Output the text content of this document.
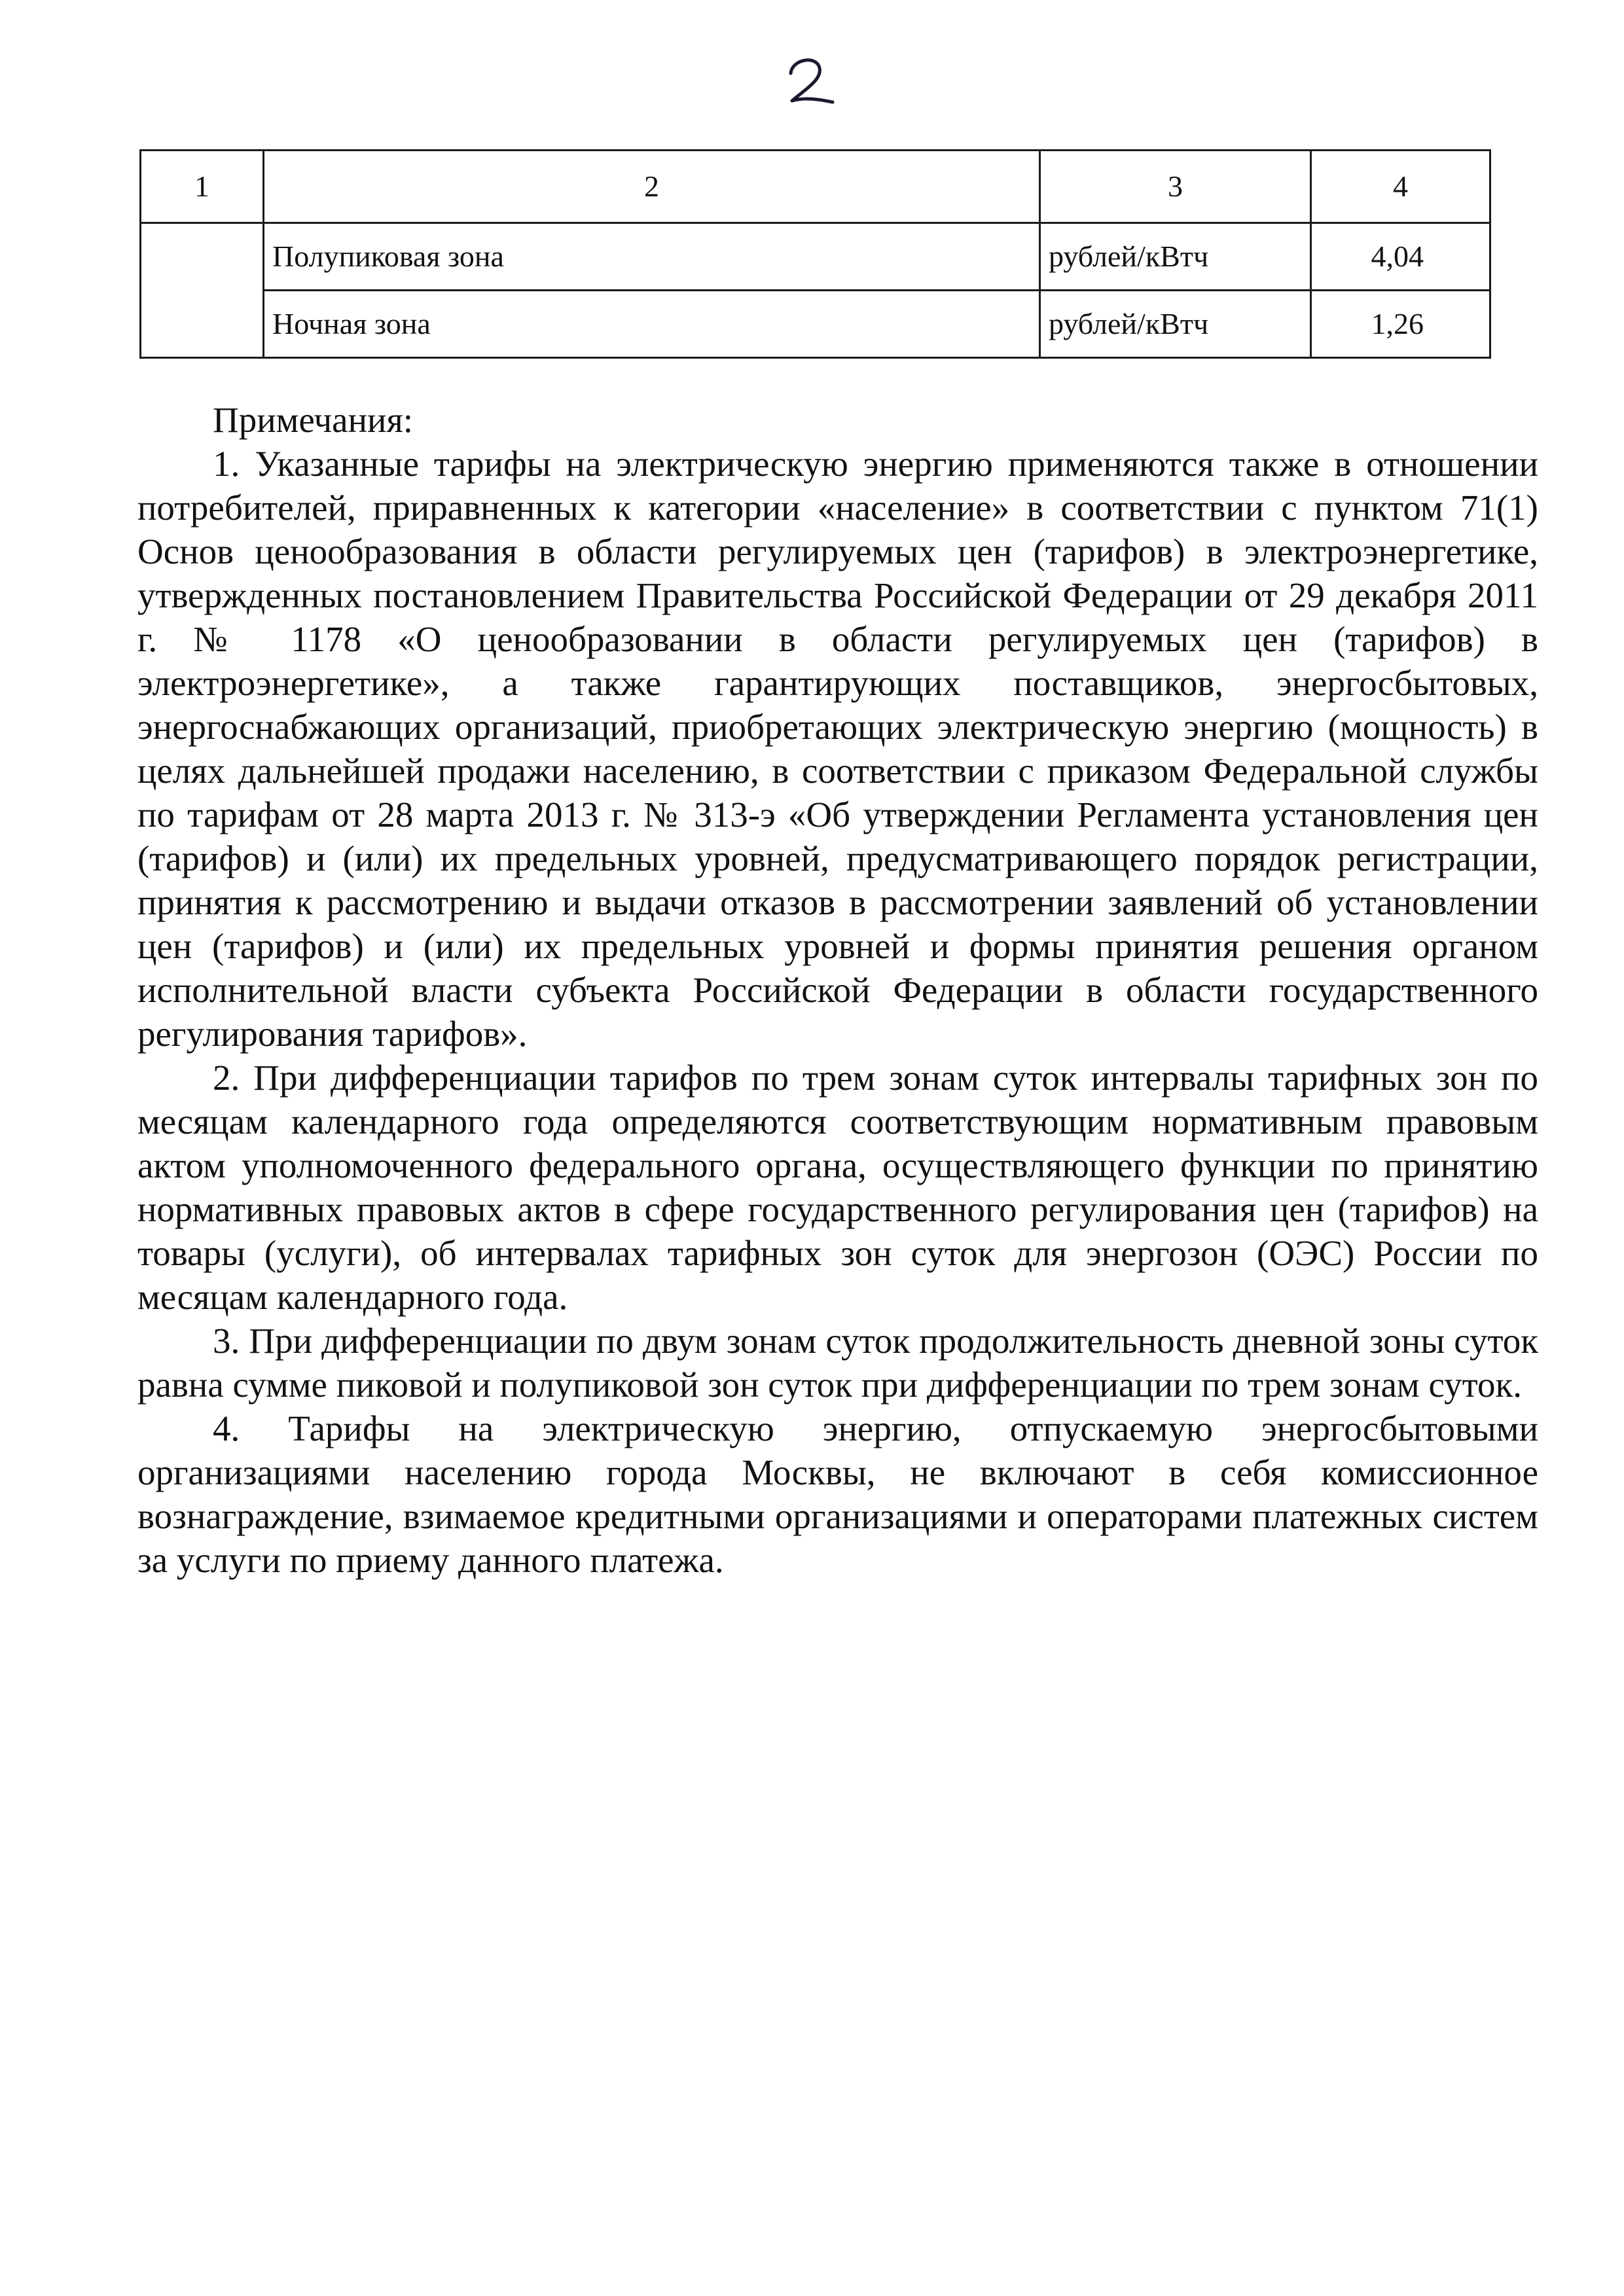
1	2	3	4
	Полупиковая зона	рублей/кВтч	4,04
	Ночная зона	рублей/кВтч	1,26

Примечания:

1. Указанные тарифы на электрическую энергию применяются также в отношении потребителей, приравненных к категории «население» в соответствии с пунктом 71(1) Основ ценообразования в области регулируемых цен (тарифов) в электроэнергетике, утвержденных постановлением Правительства Российской Федерации от 29 декабря 2011 г. № 1178 «О ценообразовании в области регулируемых цен (тарифов) в электроэнергетике», а также гарантирующих поставщиков, энергосбытовых, энергоснабжающих организаций, приобретающих электрическую энергию (мощность) в целях дальнейшей продажи населению, в соответствии с приказом Федеральной службы по тарифам от 28 марта 2013 г. № 313-э «Об утверждении Регламента установления цен (тарифов) и (или) их предельных уровней, предусматривающего порядок регистрации, принятия к рассмотрению и выдачи отказов в рассмотрении заявлений об установлении цен (тарифов) и (или) их предельных уровней и формы принятия решения органом исполнительной власти субъекта Российской Федерации в области государственного регулирования тарифов».

2. При дифференциации тарифов по трем зонам суток интервалы тарифных зон по месяцам календарного года определяются соответствующим нормативным правовым актом уполномоченного федерального органа, осуществляющего функции по принятию нормативных правовых актов в сфере государственного регулирования цен (тарифов) на товары (услуги), об интервалах тарифных зон суток для энергозон (ОЭС) России по месяцам календарного года.

3. При дифференциации по двум зонам суток продолжительность дневной зоны суток равна сумме пиковой и полупиковой зон суток при дифференциации по трем зонам суток.

4. Тарифы на электрическую энергию, отпускаемую энергосбытовыми организациями населению города Москвы, не включают в себя комиссионное вознаграждение, взимаемое кредитными организациями и операторами платежных систем за услуги по приему данного платежа.
